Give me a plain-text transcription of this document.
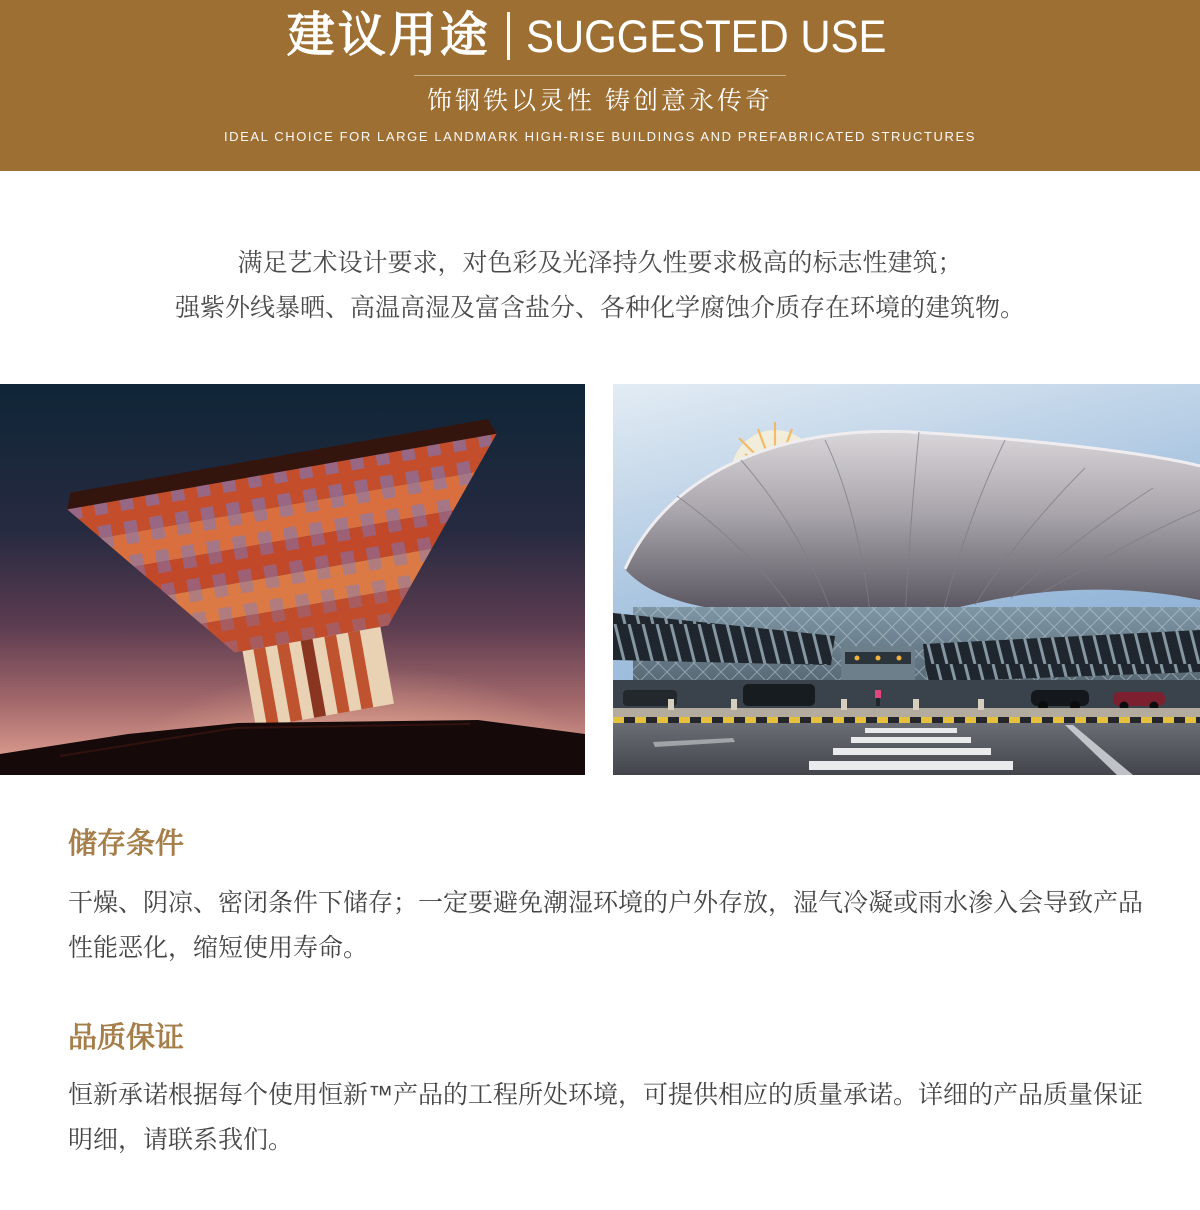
建议用途 SUGGESTED USE
饰钢铁以灵性 铸创意永传奇
IDEAL CHOICE FOR LARGE LANDMARK HIGH-RISE BUILDINGS AND PREFABRICATED STRUCTURES
满足艺术设计要求，对色彩及光泽持久性要求极高的标志性建筑；
强紫外线暴晒、高温高湿及富含盐分、各种化学腐蚀介质存在环境的建筑物。
储存条件

干燥、阴凉、密闭条件下储存；一定要避免潮湿环境的户外存放，湿气冷凝或雨水渗入会导致产品性能恶化，缩短使用寿命。

品质保证

恒新承诺根据每个使用恒新™产品的工程所处环境，可提供相应的质量承诺。详细的产品质量保证明细，请联系我们。
